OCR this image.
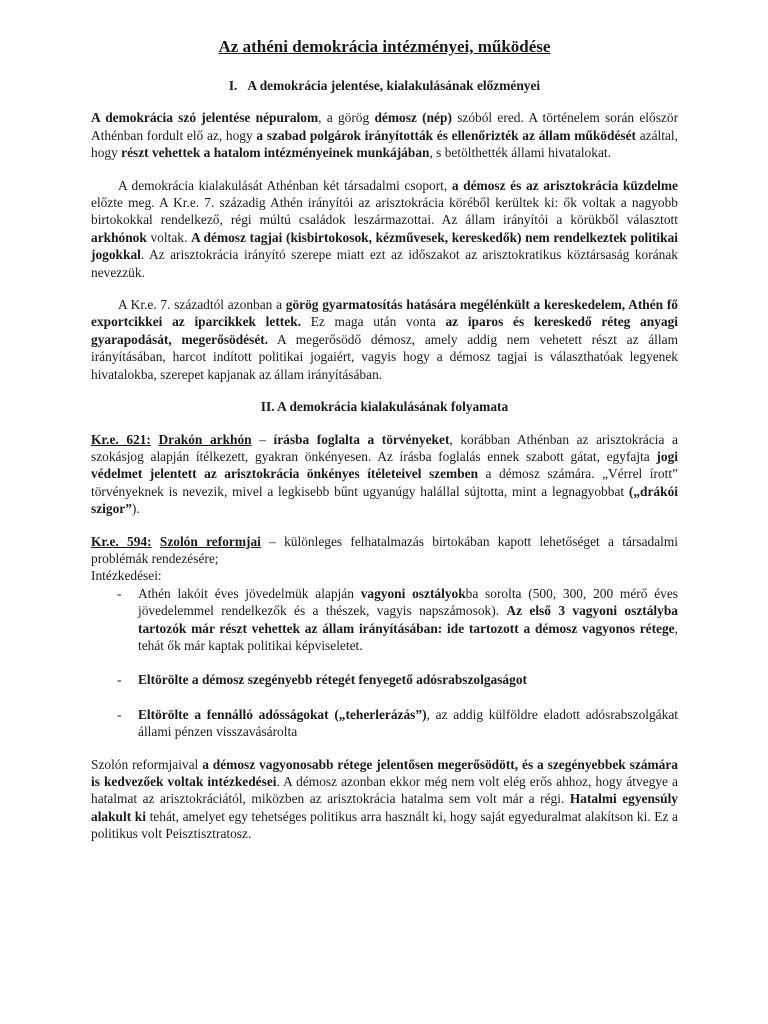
Az athéni demokrácia intézményei, működése
I.   A demokrácia jelentése, kialakulásának előzményei

A demokrácia szó jelentése népuralom, a görög démosz (nép) szóból ered. A történelem során először Athénban fordult elő az, hogy a szabad polgárok irányították és ellenőrizték az állam működését azáltal, hogy részt vehettek a hatalom intézményeinek munkájában, s betölthették állami hivatalokat.

A demokrácia kialakulását Athénban két társadalmi csoport, a démosz és az arisztokrácia küzdelme előzte meg. A Kr.e. 7. századig Athén irányítói az arisztokrácia köréből kerültek ki: ők voltak a nagyobb birtokokkal rendelkező, régi múltú családok leszármazottai. Az állam irányítói a körükből választott arkhónok voltak. A démosz tagjai (kisbirtokosok, kézművesek, kereskedők) nem rendelkeztek politikai jogokkal. Az arisztokrácia irányító szerepe miatt ezt az időszakot az arisztokratikus köztársaság korának nevezzük.

A Kr.e. 7. századtól azonban a görög gyarmatosítás hatására megélénkült a kereskedelem, Athén fő exportcikkei az iparcikkek lettek. Ez maga után vonta az iparos és kereskedő réteg anyagi gyarapodását, megerősödését. A megerősödő démosz, amely addig nem vehetett részt az állam irányításában, harcot indított politikai jogaiért, vagyis hogy a démosz tagjai is választhatóak legyenek hivatalokba, szerepet kapjanak az állam irányításában.

II. A demokrácia kialakulásának folyamata

Kr.e. 621: Drakón arkhón – írásba foglalta a törvényeket, korábban Athénban az arisztokrácia a szokásjog alapján ítélkezett, gyakran önkényesen. Az írásba foglalás ennek szabott gátat, egyfajta jogi védelmet jelentett az arisztokrácia önkényes ítéleteivel szemben a démosz számára. „Vérrel írott” törvényeknek is nevezik, mivel a legkisebb bűnt ugyanúgy halállal sújtotta, mint a legnagyobbat („drákói szigor”).

Kr.e. 594: Szolón reformjai – különleges felhatalmazás birtokában kapott lehetőséget a társadalmi problémák rendezésére;

Intézkedései:

- Athén lakóit éves jövedelmük alapján vagyoni osztályokba sorolta (500, 300, 200 mérő éves jövedelemmel rendelkezők és a thészek, vagyis napszámosok). Az első 3 vagyoni osztályba tartozók már részt vehettek az állam irányításában: ide tartozott a démosz vagyonos rétege, tehát ők már kaptak politikai képviseletet.
- Eltörölte a démosz szegényebb rétegét fenyegető adósrabszolgaságot
- Eltörölte a fennálló adósságokat („teherlerázás”), az addig külföldre eladott adósrabszolgákat állami pénzen visszavásárolta

Szolón reformjaival a démosz vagyonosabb rétege jelentősen megerősödött, és a szegényebbek számára is kedvezőek voltak intézkedései. A démosz azonban ekkor még nem volt elég erős ahhoz, hogy átvegye a hatalmat az arisztokráciától, miközben az arisztokrácia hatalma sem volt már a régi. Hatalmi egyensúly alakult ki tehát, amelyet egy tehetséges politikus arra használt ki, hogy saját egyeduralmat alakítson ki. Ez a politikus volt Peisztisztratosz.
